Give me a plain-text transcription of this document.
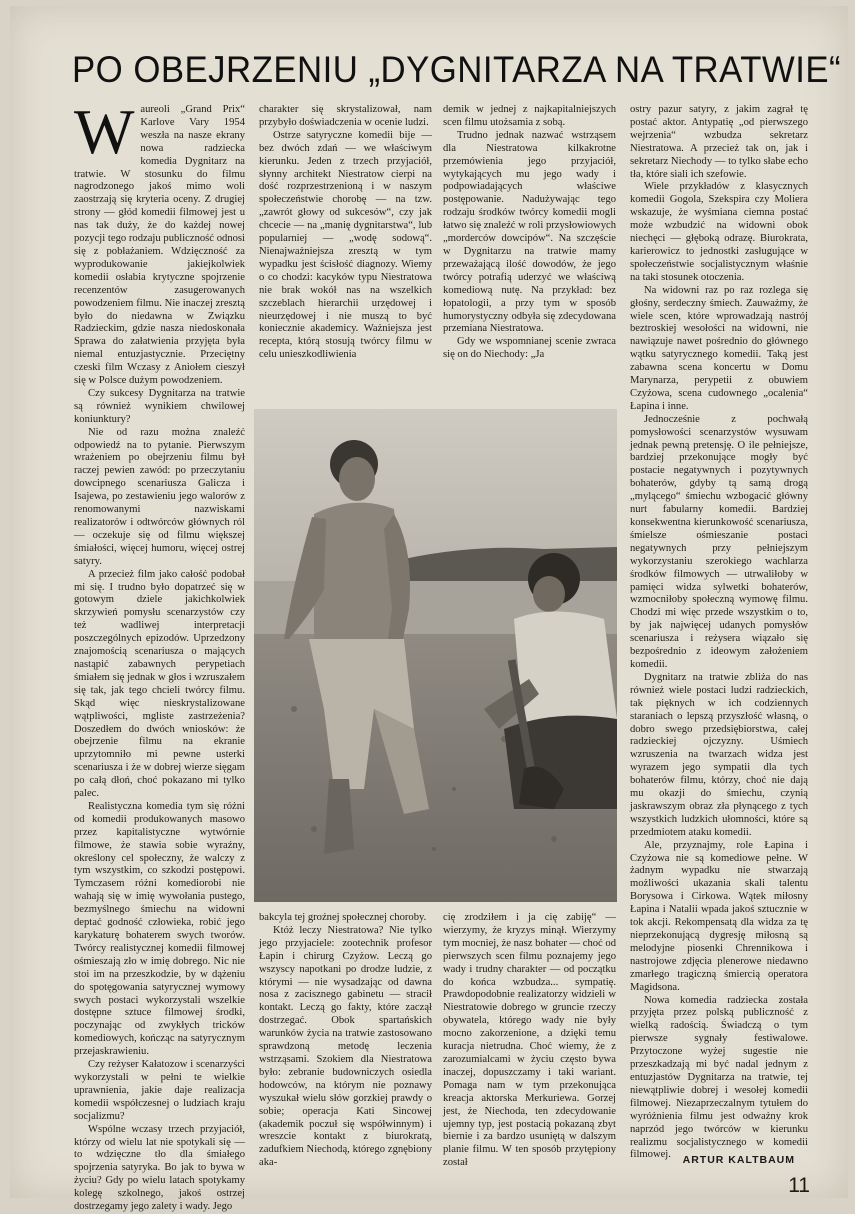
PO OBEJRZENIU „DYGNITARZA NA TRATWIE“
W aureoli „Grand Prix“ Karlove Vary 1954 weszła na nasze ekrany nowa radziecka komedia Dygnitarz na tratwie. W stosunku do filmu nagrodzonego jakoś mimo woli zaostrzają się kryteria oceny. Z drugiej strony — głód komedii filmowej jest u nas tak duży, że do każdej nowej pozycji tego rodzaju publiczność odnosi się z pobłażaniem. Wdzięczność za wyprodukowanie jakiejkolwiek komedii osłabia krytyczne spojrzenie recenzentów zasugerowanych powodzeniem filmu. Nie inaczej zresztą było do niedawna w Związku Radzieckim, gdzie nasza niedoskonała Sprawa do załatwienia przyjęta była niemal entuzjastycznie. Przeciętny czeski film Wczasy z Aniołem cieszył się w Polsce dużym powodzeniem.

Czy sukcesy Dygnitarza na tratwie są również wynikiem chwilowej koniunktury?

Nie od razu można znaleźć odpowiedź na to pytanie. Pierwszym wrażeniem po obejrzeniu filmu był raczej pewien zawód: po przeczytaniu dowcipnego scenariusza Galicza i Isajewa, po zestawieniu jego walorów z renomowanymi nazwiskami realizatorów i odtwórców głównych ról — oczekuje się od filmu większej śmiałości, więcej humoru, więcej ostrej satyry.

A przecież film jako całość podobał mi się. I trudno było dopatrzeć się w gotowym dziele jakichkolwiek skrzywień pomysłu scenarzystów czy też wadliwej interpretacji poszczególnych epizodów. Uprzedzony znajomością scenariusza o mających nastąpić zabawnych perypetiach śmiałem się jednak w głos i wzruszałem się tak, jak tego chcieli twórcy filmu. Skąd więc nieskrystalizowane wątpliwości, mgliste zastrzeżenia? Doszedłem do dwóch wniosków: że obejrzenie filmu na ekranie uprzytomniło mi pewne usterki scenariusza i że w dobrej wierze sięgam po całą dłoń, choć pokazano mi tylko palec.

Realistyczna komedia tym się różni od komedii produkowanych masowo przez kapitalistyczne wytwórnie filmowe, że stawia sobie wyraźny, określony cel społeczny, że walczy z tym wszystkim, co szkodzi postępowi. Tymczasem różni komediorobi nie wahają się w imię wywołania pustego, bezmyślnego śmiechu na widowni deptać godność człowieka, robić jego karykaturę bohaterem swych tworów. Twórcy realistycznej komedii filmowej ośmieszają zło w imię dobrego. Nic nie stoi im na przeszkodzie, by w dążeniu do spotęgowania satyrycznej wymowy swych postaci wykorzystali wszelkie dostępne sztuce filmowej środki, poczynając od zwykłych tricków komediowych, kończąc na satyrycznym przejaskrawieniu.

Czy reżyser Kałatozow i scenarzyści wykorzystali w pełni te wielkie uprawnienia, jakie daje realizacja komedii współczesnej o ludziach kraju socjalizmu?

Wspólne wczasy trzech przyjaciół, którzy od wielu lat nie spotykali się — to wdzięczne tło dla śmiałego spojrzenia satyryka. Bo jak to bywa w życiu? Gdy po wielu latach spotykamy kolegę szkolnego, jakoś ostrzej dostrzegamy jego zalety i wady. Jego

charakter się skrystalizował, nam przybyło doświadczenia w ocenie ludzi.

Ostrze satyryczne komedii bije — bez dwóch zdań — we właściwym kierunku. Jeden z trzech przyjaciół, słynny architekt Niestratow cierpi na dość rozprzestrzenioną i w naszym społeczeństwie chorobę — na tzw. „zawrót głowy od sukcesów“, czy jak chcecie — na „manię dygnitarstwa“, lub popularniej — „wodę sodową“. Nienajważniejsza zresztą w tym wypadku jest ścisłość diagnozy. Wiemy o co chodzi: kacyków typu Niestratowa nie brak wokół nas na wszelkich szczeblach hierarchii urzędowej i nieurzędowej i nie muszą to być koniecznie akademicy. Ważniejsza jest recepta, którą stosują twórcy filmu w celu unieszkodliwienia

demik w jednej z najkapitalniejszych scen filmu utożsamia z sobą.

Trudno jednak nazwać wstrząsem dla Niestratowa kilkakrotne przemówienia jego przyjaciół, wytykających mu jego wady i podpowiadających właściwe postępowanie. Nadużywając tego rodzaju środków twórcy komedii mogli łatwo się znaleźć w roli przysłowiowych „morderców dowcipów“. Na szczęście w Dygnitarzu na tratwie mamy przeważającą ilość dowodów, że jego twórcy potrafią uderzyć we właściwą komediową nutę. Na przykład: bez łopatologii, a przy tym w sposób humorystyczny odbyła się zdecydowana przemiana Niestratowa.

Gdy we wspomnianej scenie zwraca się on do Niechody: „Ja

bakcyla tej groźnej społecznej choroby.

Któż leczy Niestratowa? Nie tylko jego przyjaciele: zootechnik profesor Łapin i chirurg Czyżow. Leczą go wszyscy napotkani po drodze ludzie, z którymi — nie wysadzając od dawna nosa z zacisznego gabinetu — stracił kontakt. Leczą go fakty, które zaczął dostrzegać. Obok spartańskich warunków życia na tratwie zastosowano sprawdzoną metodę leczenia wstrząsami. Szokiem dla Niestratowa było: zebranie budowniczych osiedla hodowców, na którym nie poznawy wyszukał wielu słów gorzkiej prawdy o sobie; operacja Kati Sincowej (akademik poczuł się współwinnym) i wreszcie kontakt z biurokratą, zadufkiem Niechodą, którego zgnębiony aka-

cię zrodziłem i ja cię zabiję“ — wierzymy, że kryzys minął. Wierzymy tym mocniej, że nasz bohater — choć od pierwszych scen filmu poznajemy jego wady i trudny charakter — od początku do końca wzbudza... sympatię. Prawdopodobnie realizatorzy widzieli w Niestratowie dobrego w gruncie rzeczy obywatela, którego wady nie były mocno zakorzenione, a dzięki temu kuracja nietrudna. Choć wiemy, że z zarozumialcami w życiu często bywa inaczej, dopuszczamy i taki wariant. Pomaga nam w tym przekonująca kreacja aktorska Merkuriewa. Gorzej jest, że Niechoda, ten zdecydowanie ujemny typ, jest postacią pokazaną zbyt biernie i za bardzo usuniętą w dalszym planie filmu. W ten sposób przytępiony został

ostry pazur satyry, z jakim zagrał tę postać aktor. Antypatię „od pierwszego wejrzenia“ wzbudza sekretarz Niestratowa. A przecież tak on, jak i sekretarz Niechody — to tylko słabe echo tła, które siali ich szefowie.

Wiele przykładów z klasycznych komedii Gogola, Szekspira czy Moliera wskazuje, że wyśmiana ciemna postać może wzbudzić na widowni obok niechęci — głęboką odrazę. Biurokrata, karierowicz to jednostki zasługujące w społeczeństwie socjalistycznym właśnie na taki stosunek otoczenia.

Na widowni raz po raz rozlega się głośny, serdeczny śmiech. Zauważmy, że wiele scen, które wprowadzają nastrój beztroskiej wesołości na widowni, nie nawiązuje nawet pośrednio do głównego wątku satyrycznego komedii. Taką jest zabawna scena koncertu w Domu Marynarza, perypetii z obuwiem Czyżowa, scena cudownego „ocalenia“ Łapina i inne.

Jednocześnie z pochwałą pomysłowości scenarzystów wysuwam jednak pewną pretensję. O ile pełniejsze, bardziej przekonujące mogły być postacie negatywnych i pozytywnych bohaterów, gdyby tą samą drogą „mylącego“ śmiechu wzbogacić główny nurt fabularny komedii. Bardziej konsekwentna kierunkowość scenariusza, śmielsze ośmieszanie postaci negatywnych przy pełniejszym wykorzystaniu szerokiego wachlarza środków filmowych — utrwaliłoby w pamięci widza sylwetki bohaterów, wzmocniłoby społeczną wymowę filmu. Chodzi mi więc przede wszystkim o to, by jak najwięcej udanych pomysłów scenariusza i reżysera wiązało się bezpośrednio z ideowym założeniem komedii.

Dygnitarz na tratwie zbliża do nas również wiele postaci ludzi radzieckich, tak pięknych w ich codziennych staraniach o lepszą przyszłość własną, o dobro swego przedsiębiorstwa, całej radzieckiej ojczyzny. Uśmiech wzruszenia na twarzach widza jest wyrazem jego sympatii dla tych bohaterów filmu, którzy, choć nie dają mu okazji do śmiechu, czynią jaskrawszym obraz zła płynącego z tych wszystkich ludzkich ułomności, które są przedmiotem ataku komedii.

Ale, przyznajmy, role Łapina i Czyżowa nie są komediowe pełne. W żadnym wypadku nie stwarzają możliwości ukazania skali talentu Borysowa i Cirkowa. Wątek miłosny Łapina i Natalii wpada jakoś sztucznie w tok akcji. Rekompensatą dla widza za tę nieprzekonującą dygresję miłosną są melodyjne piosenki Chrennikowa i nastrojowe zdjęcia plenerowe niedawno zmarłego tragiczną śmiercią operatora Magidsona.

Nowa komedia radziecka została przyjęta przez polską publiczność z wielką radością. Świadczą o tym pierwsze sygnały festiwalowe. Przytoczone wyżej sugestie nie przeszkadzają mi być nadal jednym z entuzjastów Dygnitarza na tratwie, tej niewątpliwie dobrej i wesołej komedii filmowej. Niezaprzeczalnym tytułem do wyróżnienia filmu jest odważny krok naprzód jego twórców w kierunku realizmu socjalistycznego w komedii filmowej.	ARTUR KALTBAUM
11
